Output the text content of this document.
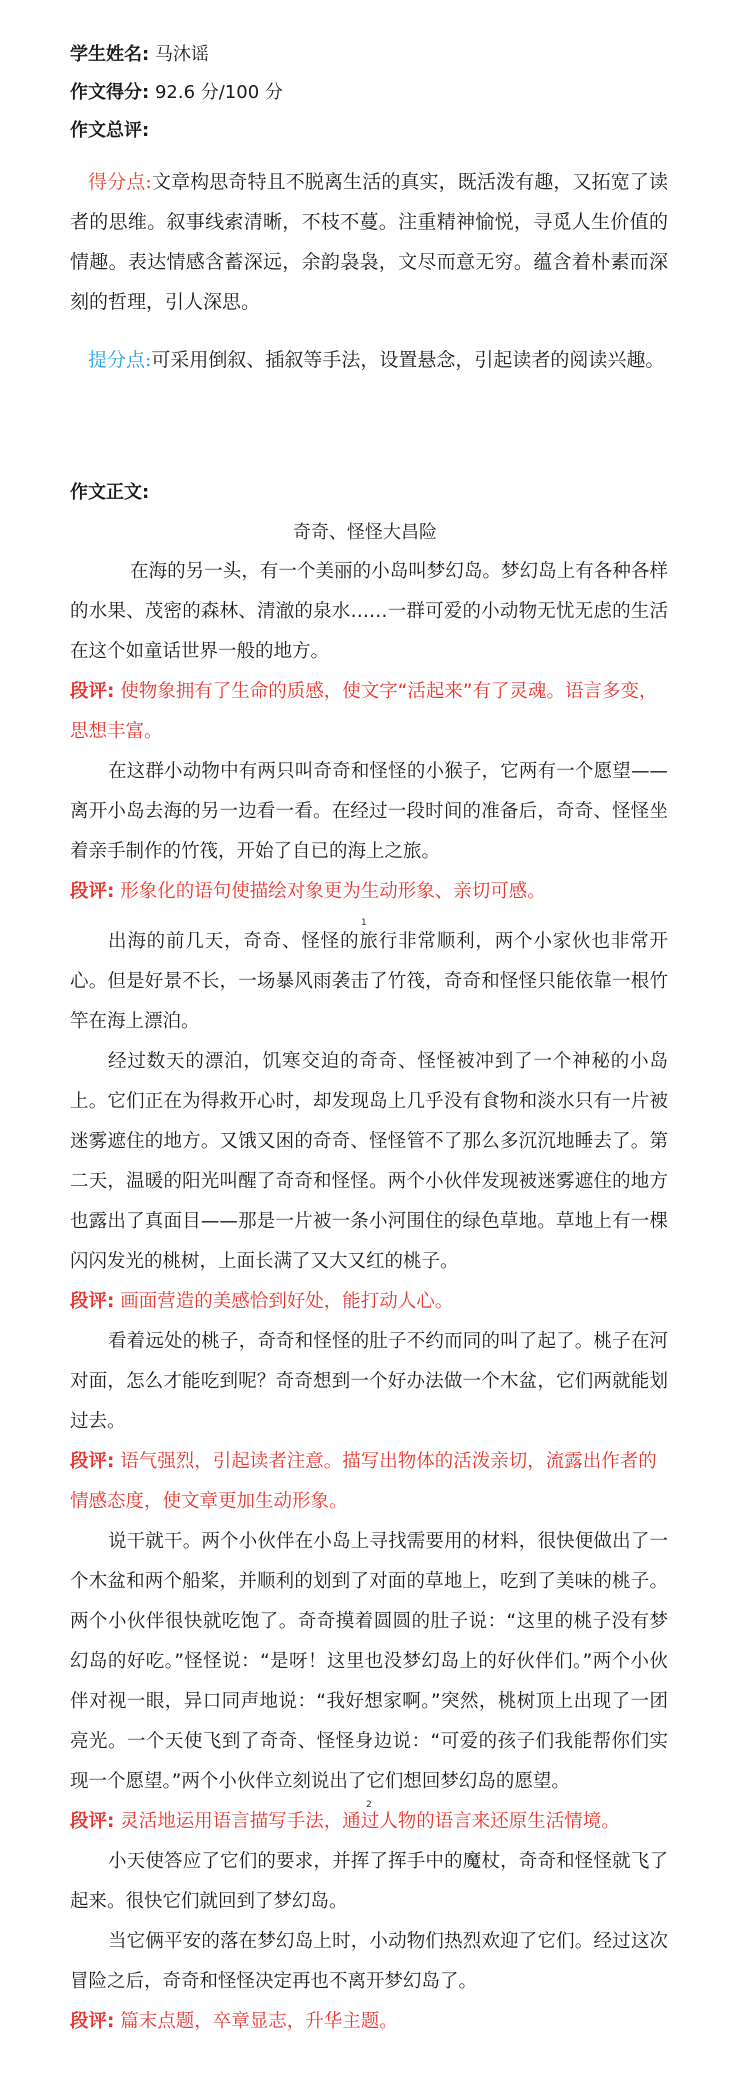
学生姓名: 马沐谣
作文得分: 92.6 分/100 分
作文总评:
得分点:文章构思奇特且不脱离生活的真实，既活泼有趣，又拓宽了读者的思维。叙事线索清晰，不枝不蔓。注重精神愉悦，寻觅人生价值的情趣。表达情感含蓄深远，余韵袅袅，文尽而意无穷。蕴含着朴素而深刻的哲理，引人深思。
提分点:可采用倒叙、插叙等手法，设置悬念，引起读者的阅读兴趣。
作文正文:
奇奇、怪怪大昌险
在海的另一头，有一个美丽的小岛叫梦幻岛。梦幻岛上有各种各样的水果、茂密的森林、清澈的泉水……一群可爱的小动物无忧无虑的生活在这个如童话世界一般的地方。
段评: 使物象拥有了生命的质感，使文字“活起来”有了灵魂。语言多变，思想丰富。
在这群小动物中有两只叫奇奇和怪怪的小猴子，它两有一个愿望——离开小岛去海的另一边看一看。在经过一段时间的准备后，奇奇、怪怪坐着亲手制作的竹筏，开始了自已的海上之旅。
段评: 形象化的语句使描绘对象更为生动形象、亲切可感。
1
出海的前几天，奇奇、怪怪的旅行非常顺利，两个小家伙也非常开心。但是好景不长，一场暴风雨袭击了竹筏，奇奇和怪怪只能依靠一根竹竿在海上漂泊。
经过数天的漂泊，饥寒交迫的奇奇、怪怪被冲到了一个神秘的小岛上。它们正在为得救开心时，却发现岛上几乎没有食物和淡水只有一片被迷雾遮住的地方。又饿又困的奇奇、怪怪管不了那么多沉沉地睡去了。第二天，温暖的阳光叫醒了奇奇和怪怪。两个小伙伴发现被迷雾遮住的地方也露出了真面目——那是一片被一条小河围住的绿色草地。草地上有一棵闪闪发光的桃树，上面长满了又大又红的桃子。
段评: 画面营造的美感恰到好处，能打动人心。
看着远处的桃子，奇奇和怪怪的肚子不约而同的叫了起了。桃子在河对面，怎么才能吃到呢？奇奇想到一个好办法做一个木盆，它们两就能划过去。
段评: 语气强烈，引起读者注意。描写出物体的活泼亲切，流露出作者的情感态度，使文章更加生动形象。
说干就干。两个小伙伴在小岛上寻找需要用的材料，很快便做出了一个木盆和两个船桨，并顺利的划到了对面的草地上，吃到了美味的桃子。两个小伙伴很快就吃饱了。奇奇摸着圆圆的肚子说：“这里的桃子没有梦幻岛的好吃。”怪怪说：“是呀！这里也没梦幻岛上的好伙伴们。”两个小伙伴对视一眼，异口同声地说：“我好想家啊。”突然，桃树顶上出现了一团亮光。一个天使飞到了奇奇、怪怪身边说：“可爱的孩子们我能帮你们实现一个愿望。”两个小伙伴立刻说出了它们想回梦幻岛的愿望。
2
段评: 灵活地运用语言描写手法，通过人物的语言来还原生活情境。
小天使答应了它们的要求，并挥了挥手中的魔杖，奇奇和怪怪就飞了起来。很快它们就回到了梦幻岛。
当它俩平安的落在梦幻岛上时，小动物们热烈欢迎了它们。经过这次冒险之后，奇奇和怪怪决定再也不离开梦幻岛了。
段评: 篇末点题，卒章显志，升华主题。
